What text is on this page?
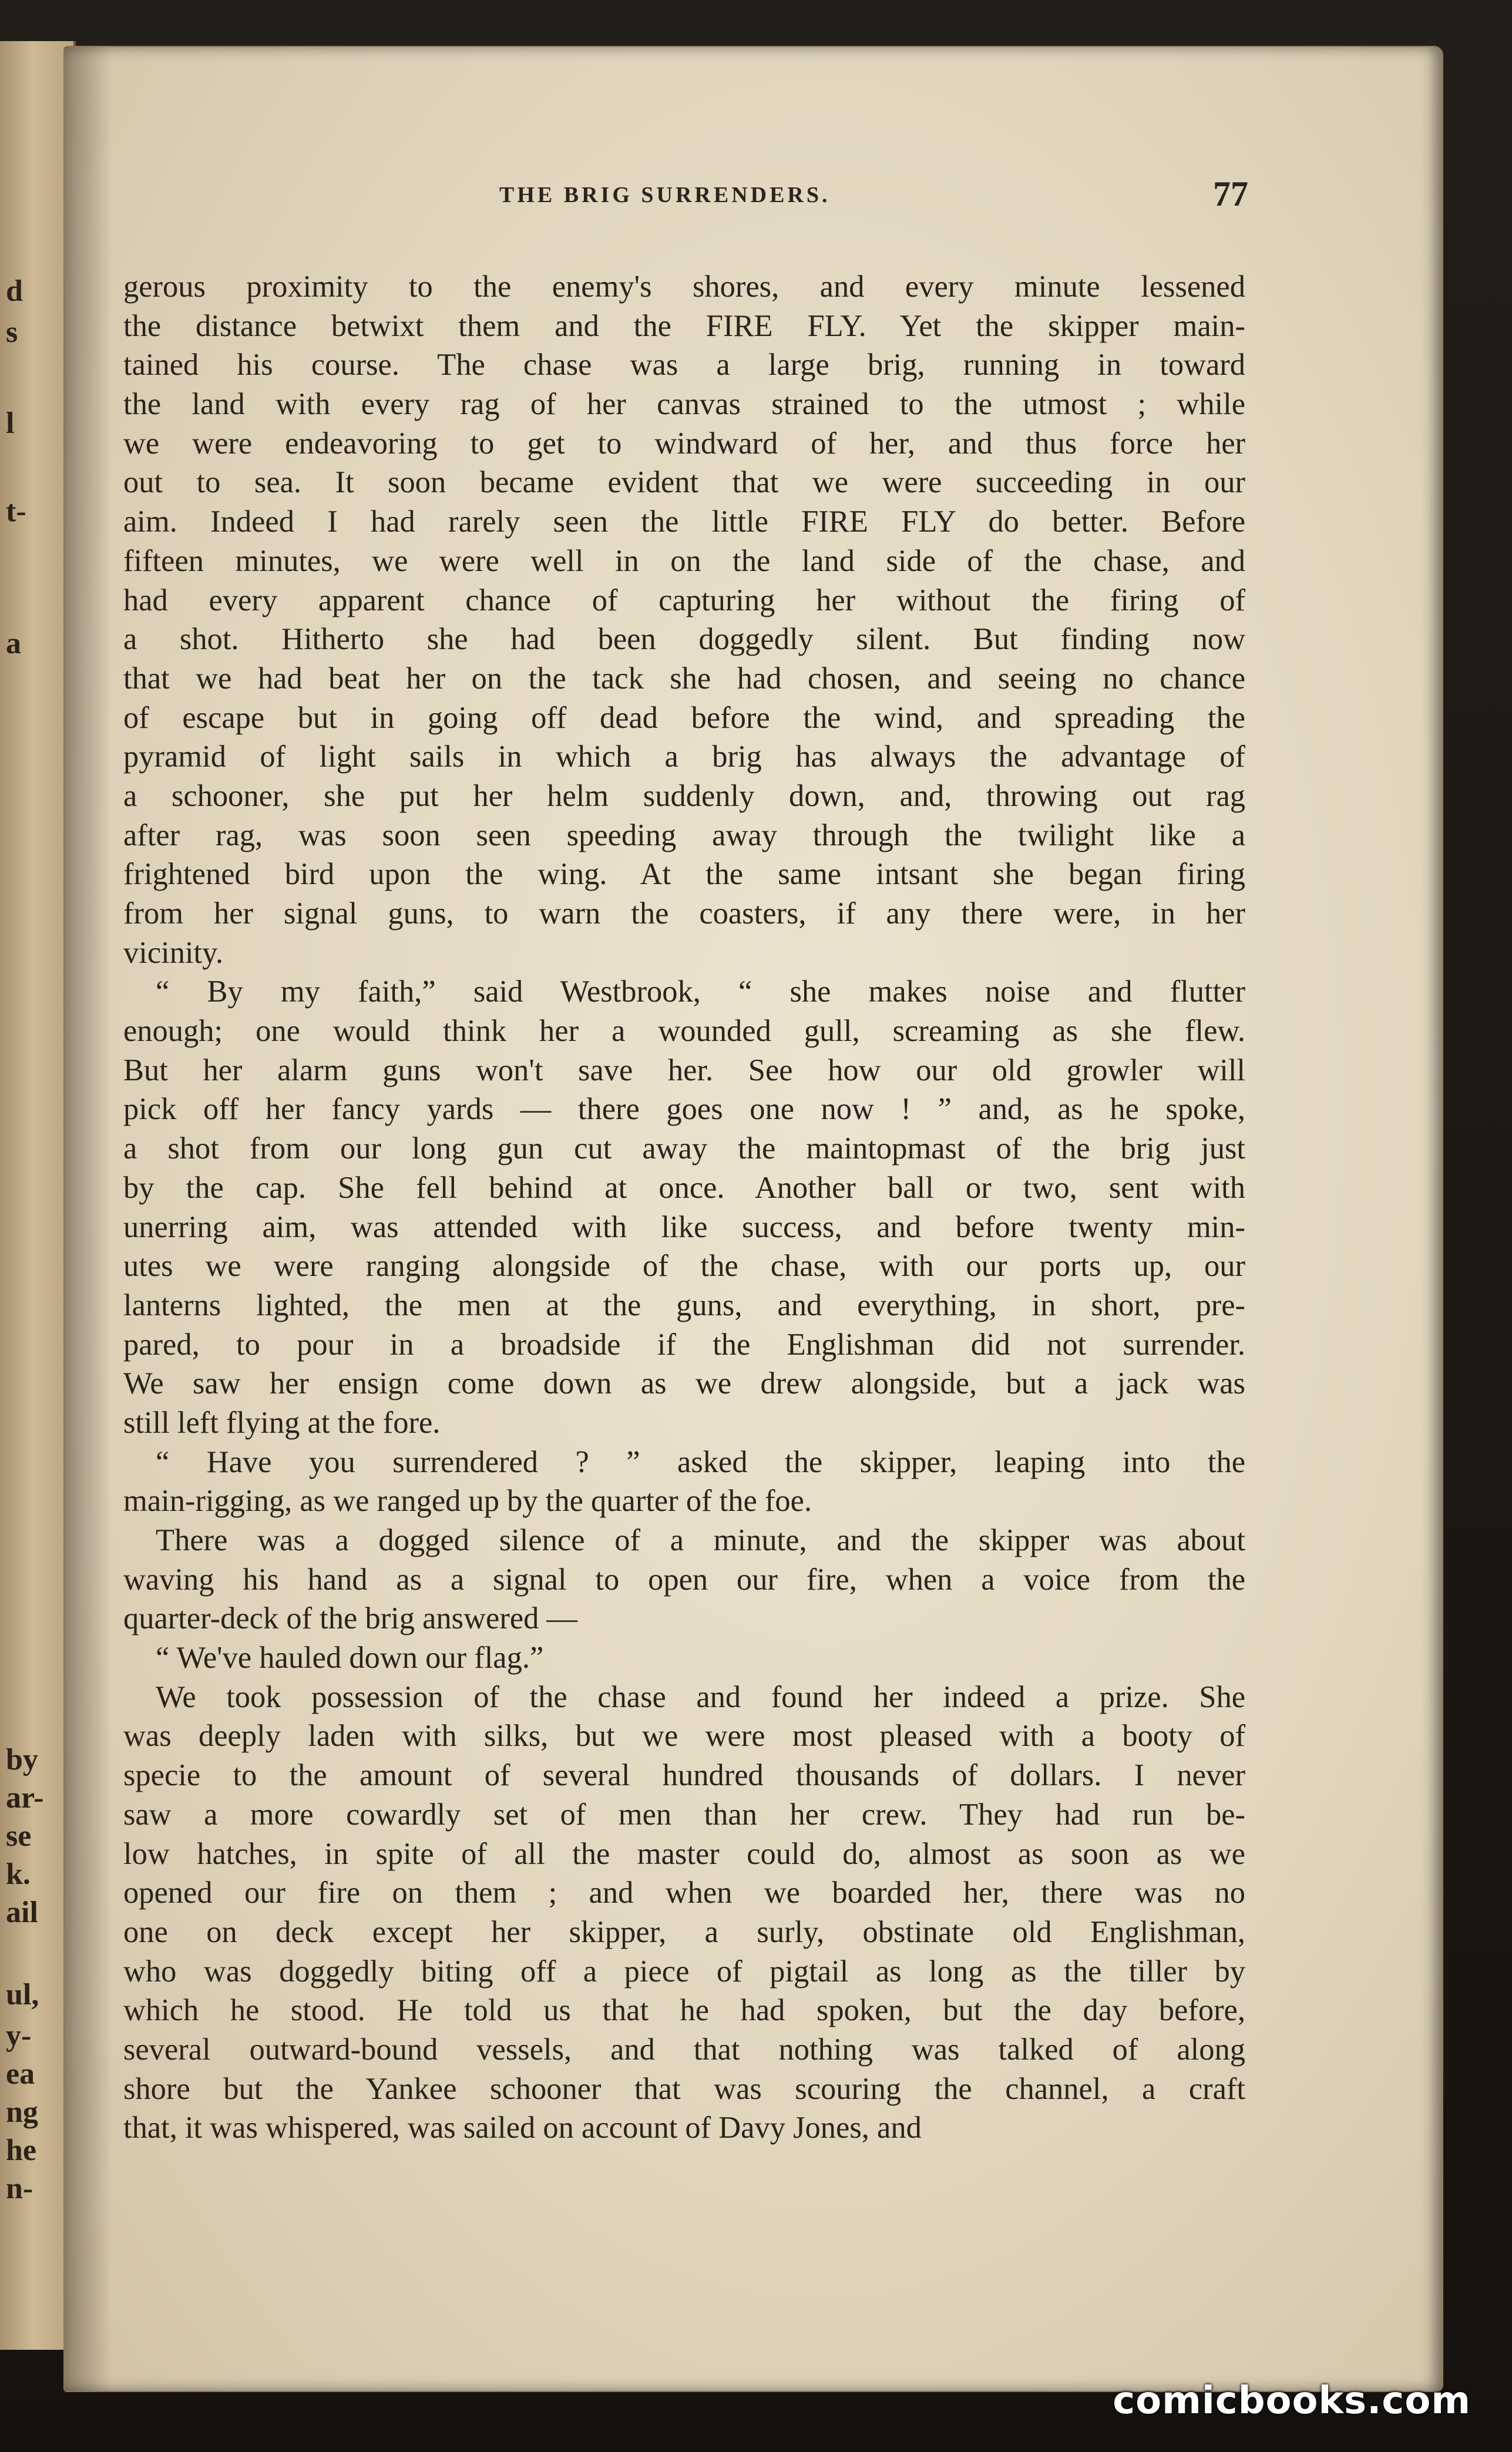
d
s
l
t-
a
by
ar-
se
k.
ail
ul,
y-
ea
ng
he
n-
THE BRIG SURRENDERS.	77
gerous proximity to the enemy's shores, and every minute lessened
the distance betwixt them and the FIRE FLY. Yet the skipper main-
tained his course. The chase was a large brig, running in toward
the land with every rag of her canvas strained to the utmost ; while
we were endeavoring to get to windward of her, and thus force her
out to sea. It soon became evident that we were succeeding in our
aim. Indeed I had rarely seen the little FIRE FLY do better. Before
fifteen minutes, we were well in on the land side of the chase, and
had every apparent chance of capturing her without the firing of
a shot. Hitherto she had been doggedly silent. But finding now
that we had beat her on the tack she had chosen, and seeing no chance
of escape but in going off dead before the wind, and spreading the
pyramid of light sails in which a brig has always the advantage of
a schooner, she put her helm suddenly down, and, throwing out rag
after rag, was soon seen speeding away through the twilight like a
frightened bird upon the wing. At the same intsant she began firing
from her signal guns, to warn the coasters, if any there were, in her
vicinity.
“ By my faith,” said Westbrook, “ she makes noise and flutter
enough; one would think her a wounded gull, screaming as she flew.
But her alarm guns won't save her. See how our old growler will
pick off her fancy yards — there goes one now ! ” and, as he spoke,
a shot from our long gun cut away the maintopmast of the brig just
by the cap. She fell behind at once. Another ball or two, sent with
unerring aim, was attended with like success, and before twenty min-
utes we were ranging alongside of the chase, with our ports up, our
lanterns lighted, the men at the guns, and everything, in short, pre-
pared, to pour in a broadside if the Englishman did not surrender.
We saw her ensign come down as we drew alongside, but a jack was
still left flying at the fore.
“ Have you surrendered ? ” asked the skipper, leaping into the
main-rigging, as we ranged up by the quarter of the foe.
There was a dogged silence of a minute, and the skipper was about
waving his hand as a signal to open our fire, when a voice from the
quarter-deck of the brig answered —
“ We've hauled down our flag.”
We took possession of the chase and found her indeed a prize. She
was deeply laden with silks, but we were most pleased with a booty of
specie to the amount of several hundred thousands of dollars. I never
saw a more cowardly set of men than her crew. They had run be-
low hatches, in spite of all the master could do, almost as soon as we
opened our fire on them ; and when we boarded her, there was no
one on deck except her skipper, a surly, obstinate old Englishman,
who was doggedly biting off a piece of pigtail as long as the tiller by
which he stood. He told us that he had spoken, but the day before,
several outward-bound vessels, and that nothing was talked of along
shore but the Yankee schooner that was scouring the channel, a craft
that, it was whispered, was sailed on account of Davy Jones, and
comicbooks.com
